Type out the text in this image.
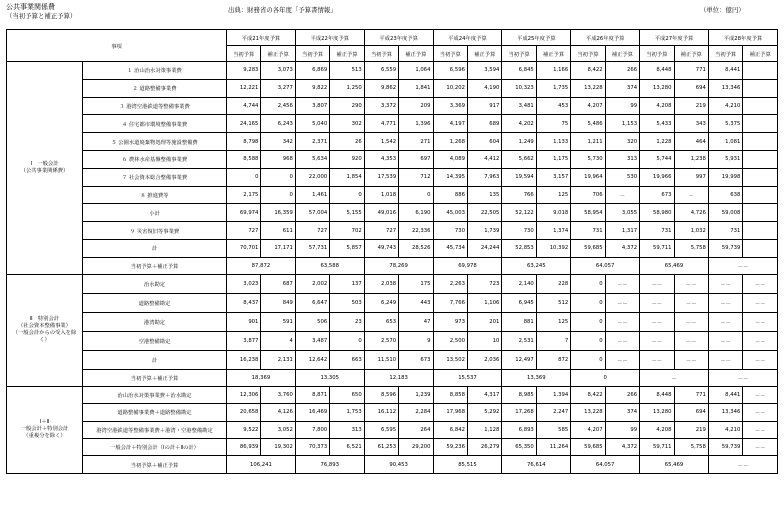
公共事業関係費
（当初予算と補正予算）
出典：財務省の各年度「予算書情報」	（単位：億円）
事項		平成21年度予算		平成22年度予算		平成23年度予算		平成24年度予算		平成25年度予算		平成26年度予算		平成27年度予算		平成28年度予算	
		当初予算	補正予算	当初予算	補正予算	当初予算	補正予算	当初予算	補正予算	当初予算	補正予算	当初予算	補正予算	当初予算	補正予算	当初予算	補正予算
Ⅰ　一般会計
（公共事業関係費）	１ 治山治水対策事業費	9,283	3,073	6,869	513	6,559	1,064	6,596	3,594	6,845	1,166	8,422	266	8,448	771	8,441	
	２ 道路整備事業費	12,221	3,277	9,822	1,250	9,862	1,841	10,202	4,190	10,323	1,735	13,228	374	13,280	694	13,346	
	３ 港湾空港鉄道等整備事業費	4,744	2,456	3,807	290	3,372	209	3,369	917	3,481	453	4,207	99	4,208	219	4,210	
	４ 住宅都市環境整備事業費	24,165	6,243	5,040	302	4,771	1,396	4,197	689	4,202	75	5,486	1,153	5,433	343	5,375	
	５ 公園水道廃棄物処理等施設整備費	8,798	342	2,371	26	1,542	271	1,268	604	1,249	1,133	1,211	320	1,228	464	1,081	
	６ 農林水産基盤整備事業費	8,588	968	5,634	920	4,353	697	4,089	4,412	5,662	1,175	5,730	313	5,744	1,238	5,931	
	７ 社会資本総合整備事業費	0	0	22,000	1,854	17,539	712	14,395	7,963	19,594	3,157	19,964	530	19,966	997	19,998	
	８ 推進費等	2,175	0	1,461	0	1,018	0	886	135	766	125	706	－	673	－	638	
	小計	69,974	16,359	57,004	5,155	49,016	6,190	45,003	22,505	52,122	9,018	58,954	3,055	58,980	4,726	59,008	
	９ 災害復旧等事業費	727	611	727	702	727	22,336	730	1,739	730	1,374	731	1,317	731	1,032	731	
	計	70,701	17,171	57,731	5,857	49,743	28,526	45,734	24,244	52,853	10,392	59,685	4,372	59,711	5,758	59,739	
	当初予算＋補正予算	87,872		63,588		78,269		69,978		63,245		64,057		65,469		－－	
Ⅱ　特別会計
（社会資本整備事業）
（一般会計からの受入を除く）	治水勘定	3,023	687	2,002	137	2,038	175	2,263	723	2,140	228	0	－－	－－	－－	－－	－－
	道路整備勘定	8,437	849	6,647	503	6,249	443	7,766	1,106	6,945	512	0	－－	－－	－－	－－	－－
	港湾勘定	901	591	506	23	653	47	973	201	881	125	0	－－	－－	－－	－－	－－
	空港整備勘定	3,877	4	3,487	0	2,570	9	2,500	10	2,531	7	0	－－	－－	－－	－－	－－
	計	16,238	2,131	12,642	663	11,510	673	13,502	2,036	12,497	872	0	－－	－－	－－	－－	－－
	当初予算＋補正予算	18,369		13,305		12,183		15,537		13,369		0		－		－－	
Ⅰ＋Ⅱ
一般会計＋特別会計
（重複分を除く）	治山治水対策事業費＋治水勘定	12,306	3,760	8,871	650	8,596	1,239	8,858	4,317	8,985	1,394	8,422	266	8,448	771	8,441	－－
	道路整備事業費＋道路整備勘定	20,658	4,126	16,469	1,753	16,112	2,284	17,968	5,292	17,268	2,247	13,228	374	13,280	694	13,346	－－
	港湾空港鉄道等整備事業費＋港湾・空港整備勘定	9,522	3,052	7,800	313	6,595	264	6,842	1,128	6,893	585	4,207	99	4,208	219	4,210	－－
	一般会計＋特別会計（Ⅰの計＋Ⅱの計）	86,939	19,302	70,373	6,521	61,253	29,200	59,236	26,279	65,350	11,264	59,685	4,372	59,711	5,758	59,739	－－
	当初予算＋補正予算	106,241		76,893		90,453		85,515		76,614		64,057		65,469		－－	
